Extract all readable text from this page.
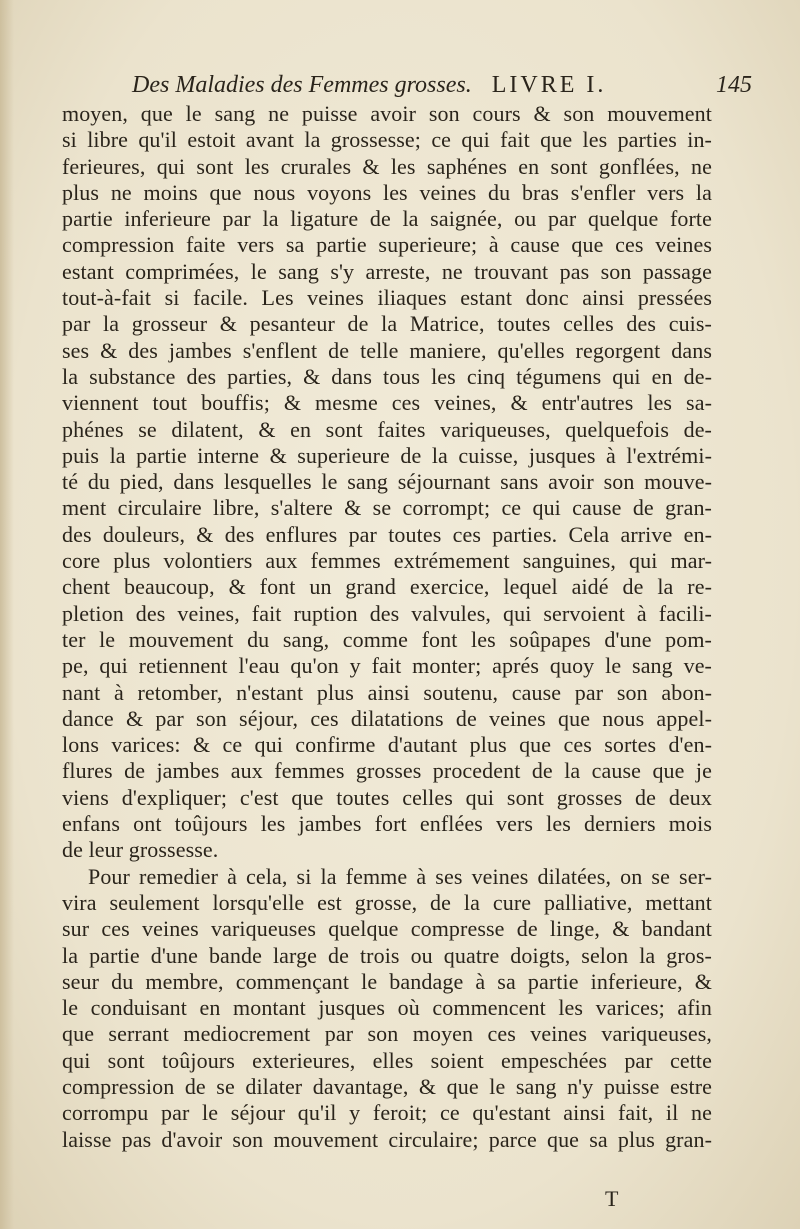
Des Maladies des Femmes grosses. LIVRE I.	145
moyen, que le sang ne puisse avoir son cours & son mouvement
si libre qu'il estoit avant la grossesse; ce qui fait que les parties in-
ferieures, qui sont les crurales & les saphénes en sont gonflées, ne
plus ne moins que nous voyons les veines du bras s'enfler vers la
partie inferieure par la ligature de la saignée, ou par quelque forte
compression faite vers sa partie superieure; à cause que ces veines
estant comprimées, le sang s'y arreste, ne trouvant pas son passage
tout-à-fait si facile. Les veines iliaques estant donc ainsi pressées
par la grosseur & pesanteur de la Matrice, toutes celles des cuis-
ses & des jambes s'enflent de telle maniere, qu'elles regorgent dans
la substance des parties, & dans tous les cinq tégumens qui en de-
viennent tout bouffis; & mesme ces veines, & entr'autres les sa-
phénes se dilatent, & en sont faites variqueuses, quelquefois de-
puis la partie interne & superieure de la cuisse, jusques à l'extrémi-
té du pied, dans lesquelles le sang séjournant sans avoir son mouve-
ment circulaire libre, s'altere & se corrompt; ce qui cause de gran-
des douleurs, & des enflures par toutes ces parties. Cela arrive en-
core plus volontiers aux femmes extrémement sanguines, qui mar-
chent beaucoup, & font un grand exercice, lequel aidé de la re-
pletion des veines, fait ruption des valvules, qui servoient à facili-
ter le mouvement du sang, comme font les soûpapes d'une pom-
pe, qui retiennent l'eau qu'on y fait monter; aprés quoy le sang ve-
nant à retomber, n'estant plus ainsi soutenu, cause par son abon-
dance & par son séjour, ces dilatations de veines que nous appel-
lons varices: & ce qui confirme d'autant plus que ces sortes d'en-
flures de jambes aux femmes grosses procedent de la cause que je
viens d'expliquer; c'est que toutes celles qui sont grosses de deux
enfans ont toûjours les jambes fort enflées vers les derniers mois
de leur grossesse.
Pour remedier à cela, si la femme à ses veines dilatées, on se ser-
vira seulement lorsqu'elle est grosse, de la cure palliative, mettant
sur ces veines variqueuses quelque compresse de linge, & bandant
la partie d'une bande large de trois ou quatre doigts, selon la gros-
seur du membre, commençant le bandage à sa partie inferieure, &
le conduisant en montant jusques où commencent les varices; afin
que serrant mediocrement par son moyen ces veines variqueuses,
qui sont toûjours exterieures, elles soient empeschées par cette
compression de se dilater davantage, & que le sang n'y puisse estre
corrompu par le séjour qu'il y feroit; ce qu'estant ainsi fait, il ne
laisse pas d'avoir son mouvement circulaire; parce que sa plus gran-
T
